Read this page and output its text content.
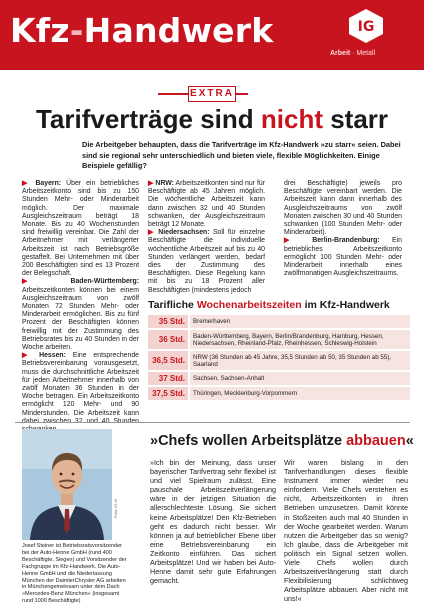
Kfz-Handwerk	IG
Arbeit · Metall
EXTRA
Tarifverträge sind nicht starr
Die Arbeitgeber behaupten, dass die Tarifverträge im Kfz-Handwerk »zu starr« seien. Dabei sind sie regional sehr unterschiedlich und bieten viele, flexible Möglichkeiten. Einige Beispiele gefällig?

▶ Bayern: Über ein betriebliches Arbeitszeitkonto sind bis zu 150 Stunden Mehr- oder Minderarbeit möglich. Der maximale Ausgleichszeitraum beträgt 18 Monate. Bis zu 40 Wochenstunden sind freiwillig vereinbar. Die Zahl der Arbeitnehmer mit verlängerter Arbeitszeit ist nach Betriebsgröße gestaffelt. Bei Unternehmen mit über 200 Beschäftigten sind es 13 Prozent der Belegschaft.

▶ Baden-Württemberg: Arbeitszeitkonten können bei einem Ausgleichszeitraum von zwölf Monaten 72 Stunden Mehr- oder Minderarbeit ermöglichen. Bis zu fünf Prozent der Beschäftigten können freiwillig mit der Zustimmung des Betriebsrates bis zu 40 Stunden in der Woche arbeiten.

▶ Hessen: Eine entsprechende Betriebsvereinbarung vorausgesetzt, muss die durchschnittliche Arbeitszeit für jeden Arbeitnehmer innerhalb von zwölf Monaten 36 Stunden in der Woche betragen. Ein Arbeitszeitkonto ermöglicht 120 Mehr- und 90 Minderstunden. Die Arbeitszeit kann

▶ NRW: Arbeitszeitkonten sind nur für Beschäftigte ab 45 Jahren möglich. Die wöchentliche Arbeitszeit kann dann zwischen 32 und 40 Stunden schwanken, der Ausgleichszeitraum beträgt 12 Monate.

▶ Niedersachsen: Soll für einzelne Beschäftigte die individuelle wöchentliche Arbeitszeit auf bis zu 40 Stunden verlängert werden, bedarf dies der Zustimmung des Beschäftigten. Diese Regelung kann mit bis zu 18 Prozent aller Beschäftigten (mindestens jedoch

drei Beschäftigte) jeweils pro Beschäftigte vereinbart werden. Die Arbeitszeit kann dann innerhalb des Ausgleichszeitraums von zwölf Monaten zwischen 30 und 40 Stunden schwanken (100 Stunden Mehr- oder Minderarbeit).

▶ Berlin-Brandenburg: Ein betriebliches Arbeitszeitkonto ermöglicht 100 Stunden Mehr- oder Minderarbeit innerhalb eines zwölfmonatigen Ausgleichszeitraums.

Tarifliche Wochenarbeitszeiten im Kfz-Handwerk
35 Std.	Bremerhaven
36 Std.	Baden-Württemberg, Bayern, Berlin/Brandenburg, Hamburg, Hessen, Niedersachsen, Rheinland-Pfalz, Rheinhessen, Schleswig-Holstein
36,5 Std.	NRW (36 Stunden ab 45 Jahre, 35,5 Stunden ab 50, 35 Stunden ab 55), Saarland
37 Std.	Sachsen, Sachsen-Anhalt
37,5 Std.	Thüringen, Mecklenburg-Vorpommern
Foto: IG M
Josef Steiner ist Betriebsratsvorsitzender bei der Auto-Henne GmbH (rund 400 Beschäftigte, Siegen) und Vorsitzender der Fachgruppe im Kfz-Handwerk. Die Auto-Henne GmbH und die Niederlassung München der DaimlerChrysler AG arbeiten in Münchengemeinsam unter dem Dach »Mercedes-Benz München« (insgesamt rund 1000 Beschäftigte)
»Chefs wollen Arbeitsplätze abbauen«

»Ich bin der Meinung, dass unser bayerischer Tarifvertrag sehr flexibel ist und viel Spielraum zulässt. Eine pauschale Arbeitszeitverlängerung wäre in der jetzigen Situation die allerschlechteste Lösung. Sie sichert keine Arbeitsplätze! Den Kfz-Betrieben geht es dadurch nicht besser. Wir können ja auf betrieblicher Ebene über eine Betriebsvereinbarung ein Zeitkonto einführen. Das sichert Arbeitsplätze! Und wir haben bei Auto-Henne damit sehr gute Erfahrungen gemacht.

Wir waren bislang in den Tarifverhandlungen dieses flexible Instrument immer wieder neu einfordern. Viele Chefs verstehen es nicht, Arbeitszeitkonten in ihren Betrieben umzusetzen. Damit könnte in Stoßzeiten auch mal 40 Stunden in der Woche gearbeitet werden. Warum nutzen die Arbeitgeber das so wenig? Ich glaube, dass die Arbeitgeber mit politisch ein Signal setzen wollen. Viele Chefs wollen durch Arbeitszeitverlängerung statt durch Flexibilisierung schlichtweg Arbeitsplätze abbauen. Aber nicht mit uns!«
